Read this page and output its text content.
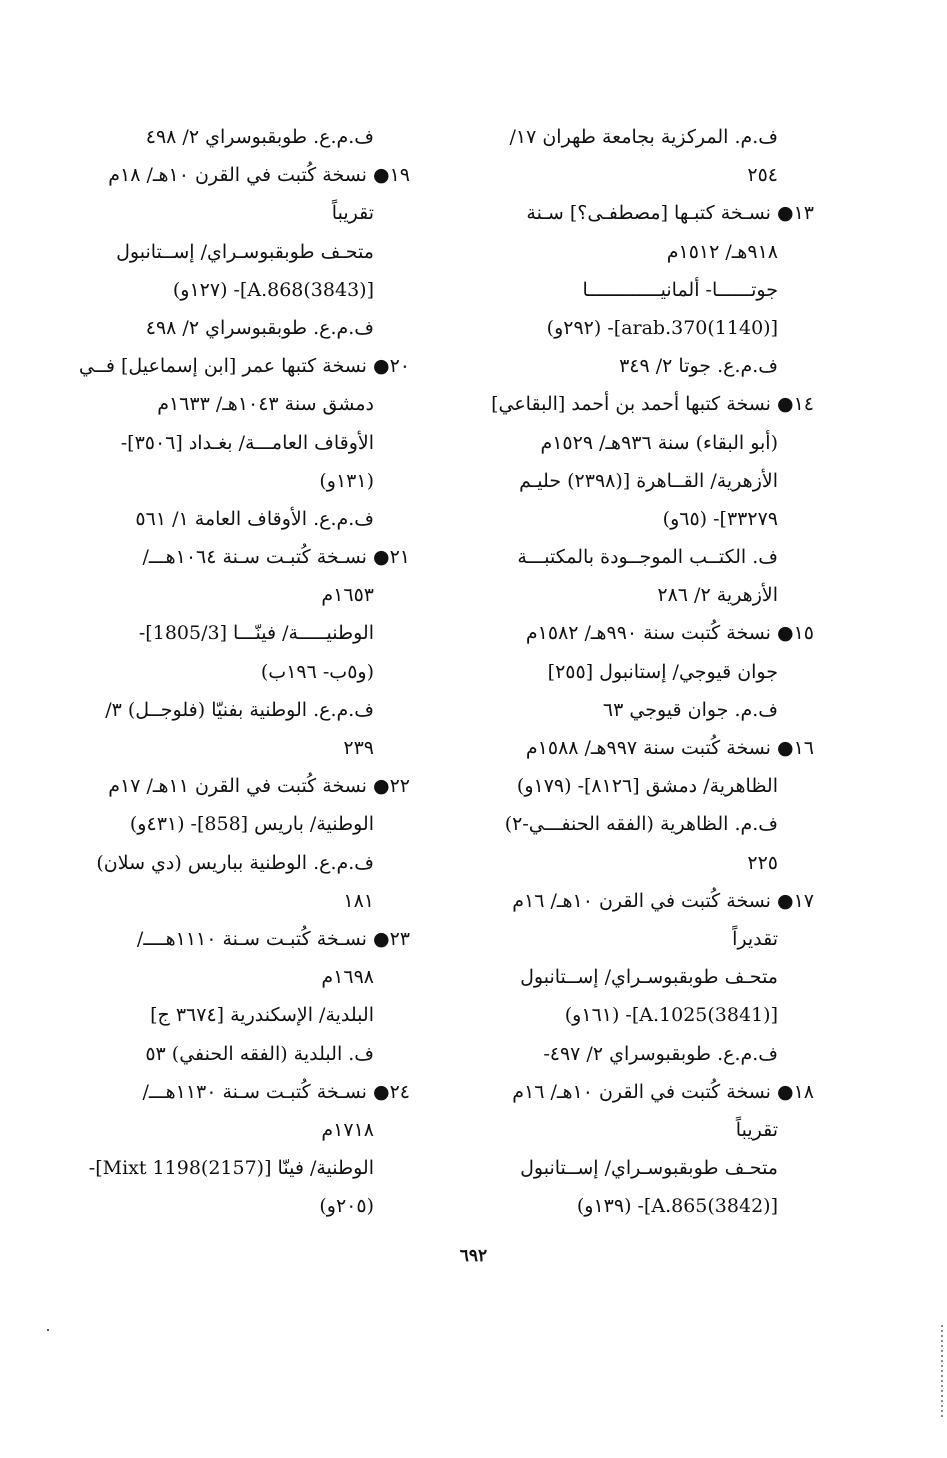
ف.م. المركزية بجامعة طهران ١٧/
٢٥٤
١٣● نسـخة كتبـها [مصطفـى؟] سـنة
٩١٨هـ/ ١٥١٢م
جوتــــــا- ألمانيـــــــــــــا
[arab.370(1140)]- (٢٩٢و)
ف.م.ع. جوتا ٢/ ٣٤٩
١٤● نسخة كتبها أحمد بن أحمد [البقاعي]
(أبو البقاء) سنة ٩٣٦هـ/ ١٥٢٩م
الأزهرية/ القــاهرة [(٢٣٩٨) حليـم
٣٣٢٧٩]- (٦٥و)
ف. الكتــب الموجــودة بالمكتبـــة
الأزهرية ٢/ ٢٨٦
١٥● نسخة كُتبت سنة ٩٩٠هـ/ ١٥٨٢م
جوان قيوجي/ إستانبول [٢٥٥]
ف.م. جوان قيوجي ٦٣
١٦● نسخة كُتبت سنة ٩٩٧هـ/ ١٥٨٨م
الظاهرية/ دمشق [٨١٢٦]- (١٧٩و)
ف.م. الظاهرية (الفقه الحنفـــي-٢)
٢٢٥
١٧● نسخة كُتبت في القرن ١٠هـ/ ١٦م
تقديراً
متحـف طوبقبوسـراي/ إســتانبول
[A.1025(3841)]- (١٦١و)
ف.م.ع. طوبقبوسراي ٢/ ٤٩٧-
١٨● نسخة كُتبت في القرن ١٠هـ/ ١٦م
تقريباً
متحـف طوبقبوسـراي/ إســتانبول
[A.865(3842)]- (١٣٩و)
ف.م.ع. طوبقبوسراي ٢/ ٤٩٨
١٩● نسخة كُتبت في القرن ١٠هـ/ ١٨م
تقريباً
متحـف طوبقبوسـراي/ إســتانبول
[A.868(3843)]- (١٢٧و)
ف.م.ع. طوبقبوسراي ٢/ ٤٩٨
٢٠● نسخة كتبها عمر [ابن إسماعيل] فــي
دمشق سنة ١٠٤٣هـ/ ١٦٣٣م
الأوقاف العامـــة/ بغـداد [٣٥٠٦]-
(١٣١و)
ف.م.ع. الأوقاف العامة ١/ ٥٦١
٢١● نسـخة كُتبـت سـنة ١٠٦٤هـــ/
١٦٥٣م
الوطنيـــــة/ فينّـــا [1805/3]-
(و٥ب- ١٩٦ب)
ف.م.ع. الوطنية بفنيّا (فلوجــل) ٣/
٢٣٩
٢٢● نسخة كُتبت في القرن ١١هـ/ ١٧م
الوطنية/ باريس [858]- (٤٣١و)
ف.م.ع. الوطنية بباريس (دي سلان)
١٨١
٢٣● نسـخة كُتبـت سـنة ١١١٠هــــ/
١٦٩٨م
البلدية/ الإسكندرية [٣٦٧٤ ج]
ف. البلدية (الفقه الحنفي) ٥٣
٢٤● نسـخة كُتبـت سـنة ١١٣٠هـــ/
١٧١٨م
الوطنية/ فينّا [Mixt 1198(2157)]-
(٢٠٥و)
٦٩٢
